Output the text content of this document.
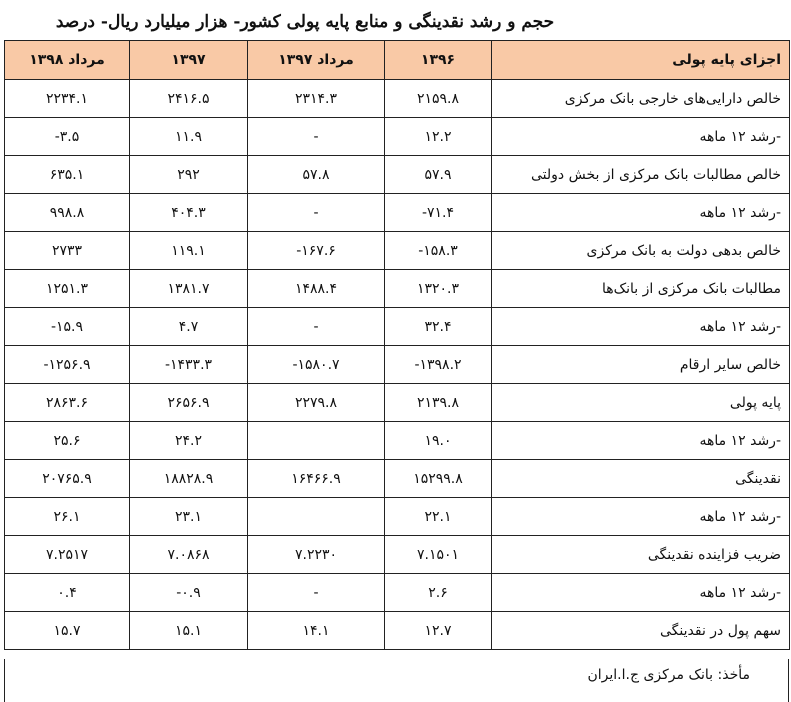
حجم و رشد نقدینگی و منابع پایه پولی کشور- هزار میلیارد ریال- درصد
اجزای پایه پولی	۱۳۹۶	مرداد ۱۳۹۷	۱۳۹۷	مرداد ۱۳۹۸
خالص دارایی‌های خارجی بانک مرکزی	۲۱۵۹.۸	۲۳۱۴.۳	۲۴۱۶.۵	۲۲۳۴.۱
-رشد ۱۲ ماهه	۱۲.۲	-	۱۱.۹	-۳.۵
خالص مطالبات بانک مرکزی از بخش دولتی	۵۷.۹	۵۷.۸	۲۹۲	۶۳۵.۱
-رشد ۱۲ ماهه	-۷۱.۴	-	۴۰۴.۳	۹۹۸.۸
خالص بدهی دولت به بانک مرکزی	-۱۵۸.۳	-۱۶۷.۶	۱۱۹.۱	۲۷۳۳
مطالبات بانک مرکزی از بانک‌ها	۱۳۲۰.۳	۱۴۸۸.۴	۱۳۸۱.۷	۱۲۵۱.۳
-رشد ۱۲ ماهه	۳۲.۴	-	۴.۷	-۱۵.۹
خالص سایر ارقام	-۱۳۹۸.۲	-۱۵۸۰.۷	-۱۴۳۳.۳	-۱۲۵۶.۹
پایه پولی	۲۱۳۹.۸	۲۲۷۹.۸	۲۶۵۶.۹	۲۸۶۳.۶
-رشد ۱۲ ماهه	۱۹.۰		۲۴.۲	۲۵.۶
نقدینگی	۱۵۲۹۹.۸	۱۶۴۶۶.۹	۱۸۸۲۸.۹	۲۰۷۶۵.۹
-رشد ۱۲ ماهه	۲۲.۱		۲۳.۱	۲۶.۱
ضریب فزاینده نقدینگی	۷.۱۵۰۱	۷.۲۲۳۰	۷.۰۸۶۸	۷.۲۵۱۷
-رشد ۱۲ ماهه	۲.۶	-	-۰.۹	۰.۴
سهم پول در نقدینگی	۱۲.۷	۱۴.۱	۱۵.۱	۱۵.۷
مأخذ: بانک مرکزی ج.ا.ایران
